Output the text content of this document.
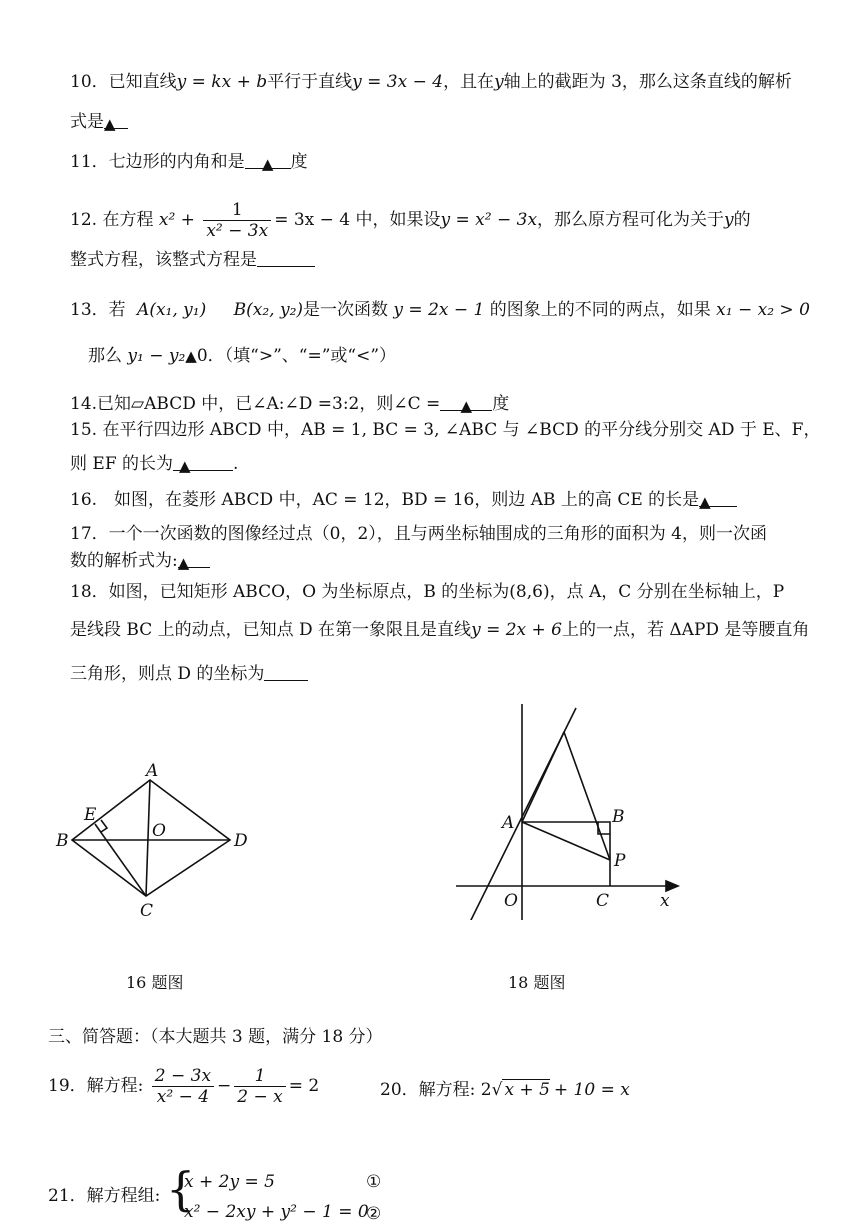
10．已知直线y = kx + b平行于直线y = 3x − 4，且在y轴上的截距为 3，那么这条直线的解析
式是▲
11．七边形的内角和是 ▲ 度
12. 在方程 $x^2 + \frac{1}{\text{x² − 3x}} = 3x - 4$ 中，如果设y = x² − 3x，那么原方程可化为关于y的
整式方程，该整式方程是
13．若 A(x₁, y₁) B(x₂, y₂)是一次函数 y = 2x − 1 的图象上的不同的两点，如果 x₁ − x₂ > 0
那么 y₁ − y₂▲0．（填“>”、“=”或“<”）
14.已知▱ABCD 中，已∠A:∠D =3:2，则∠C = ▲ 度
15. 在平行四边形 ABCD 中，AB = 1, BC = 3, ∠ABC 与 ∠BCD 的平分线分别交 AD 于 E、F，
则 EF 的长为 ▲ .
16.　如图，在菱形 ABCD 中，AC = 12，BD = 16，则边 AB 上的高 CE 的长是▲
17．一个一次函数的图像经过点（0，2），且与两坐标轴围成的三角形的面积为 4，则一次函
数的解析式为:▲
18．如图，已知矩形 ABCO，O 为坐标原点，B 的坐标为(8,6)，点 A，C 分别在坐标轴上，P
是线段 BC 上的动点，已知点 D 在第一象限且是直线y = 2x + 6上的一点，若 ΔAPD 是等腰直角
三角形，则点 D 的坐标为
A
B
C
D
E
O
16 题图
A	B
P
O	C	x
18 题图
三、简答题：（本大题共 3 题，满分 18 分）
19．解方程: $\frac{2 - 3x}{\text{x² − 4}} - \frac{1}{2 - x} = 2$	20．解方程: 2√ x + 5 + 10 = x
21．解方程组: {
x + 2y = 5
x² − 2xy + y² − 1 = 0
①
②
